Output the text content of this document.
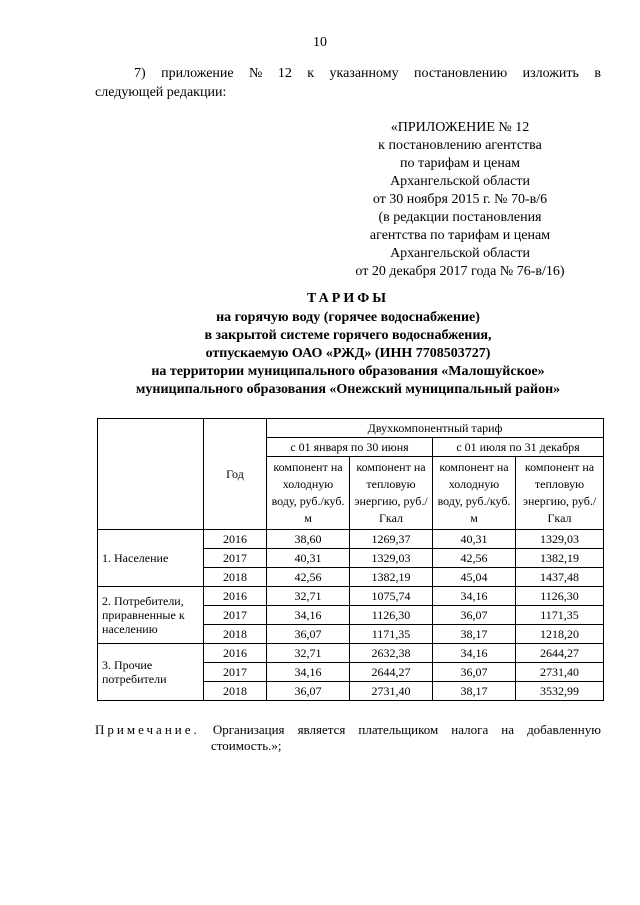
10
7) приложение № 12 к указанному постановлению изложить в
следующей редакции:
«ПРИЛОЖЕНИЕ № 12
к постановлению агентства
по тарифам и ценам
Архангельской области
от 30 ноября 2015 г. № 70-в/6
(в редакции постановления
агентства по тарифам и ценам
Архангельской области
от 20 декабря 2017 года № 76-в/16)
ТАРИФЫ
на горячую воду (горячее водоснабжение)
в закрытой системе горячего водоснабжения,
отпускаемую ОАО «РЖД» (ИНН 7708503727)
на территории муниципального образования «Малошуйское»
муниципального образования «Онежский муниципальный район»
	Год	Двухкомпонентный тариф			
		с 01 января по 30 июня		с 01 июля по 31 декабря	
		компонент на холодную воду, руб./куб. м	компонент на тепловую энергию, руб./Гкал	компонент на холодную воду, руб./куб. м	компонент на тепловую энергию, руб./Гкал
1. Население	2016	38,60	1269,37	40,31	1329,03
	2017	40,31	1329,03	42,56	1382,19
	2018	42,56	1382,19	45,04	1437,48
2. Потребители, приравненные к населению	2016	32,71	1075,74	34,16	1126,30
	2017	34,16	1126,30	36,07	1171,35
	2018	36,07	1171,35	38,17	1218,20
3. Прочие потребители	2016	32,71	2632,38	34,16	2644,27
	2017	34,16	2644,27	36,07	2731,40
	2018	36,07	2731,40	38,17	3532,99
Примечание. Организация является плательщиком налога на добавленную
стоимость.»;
